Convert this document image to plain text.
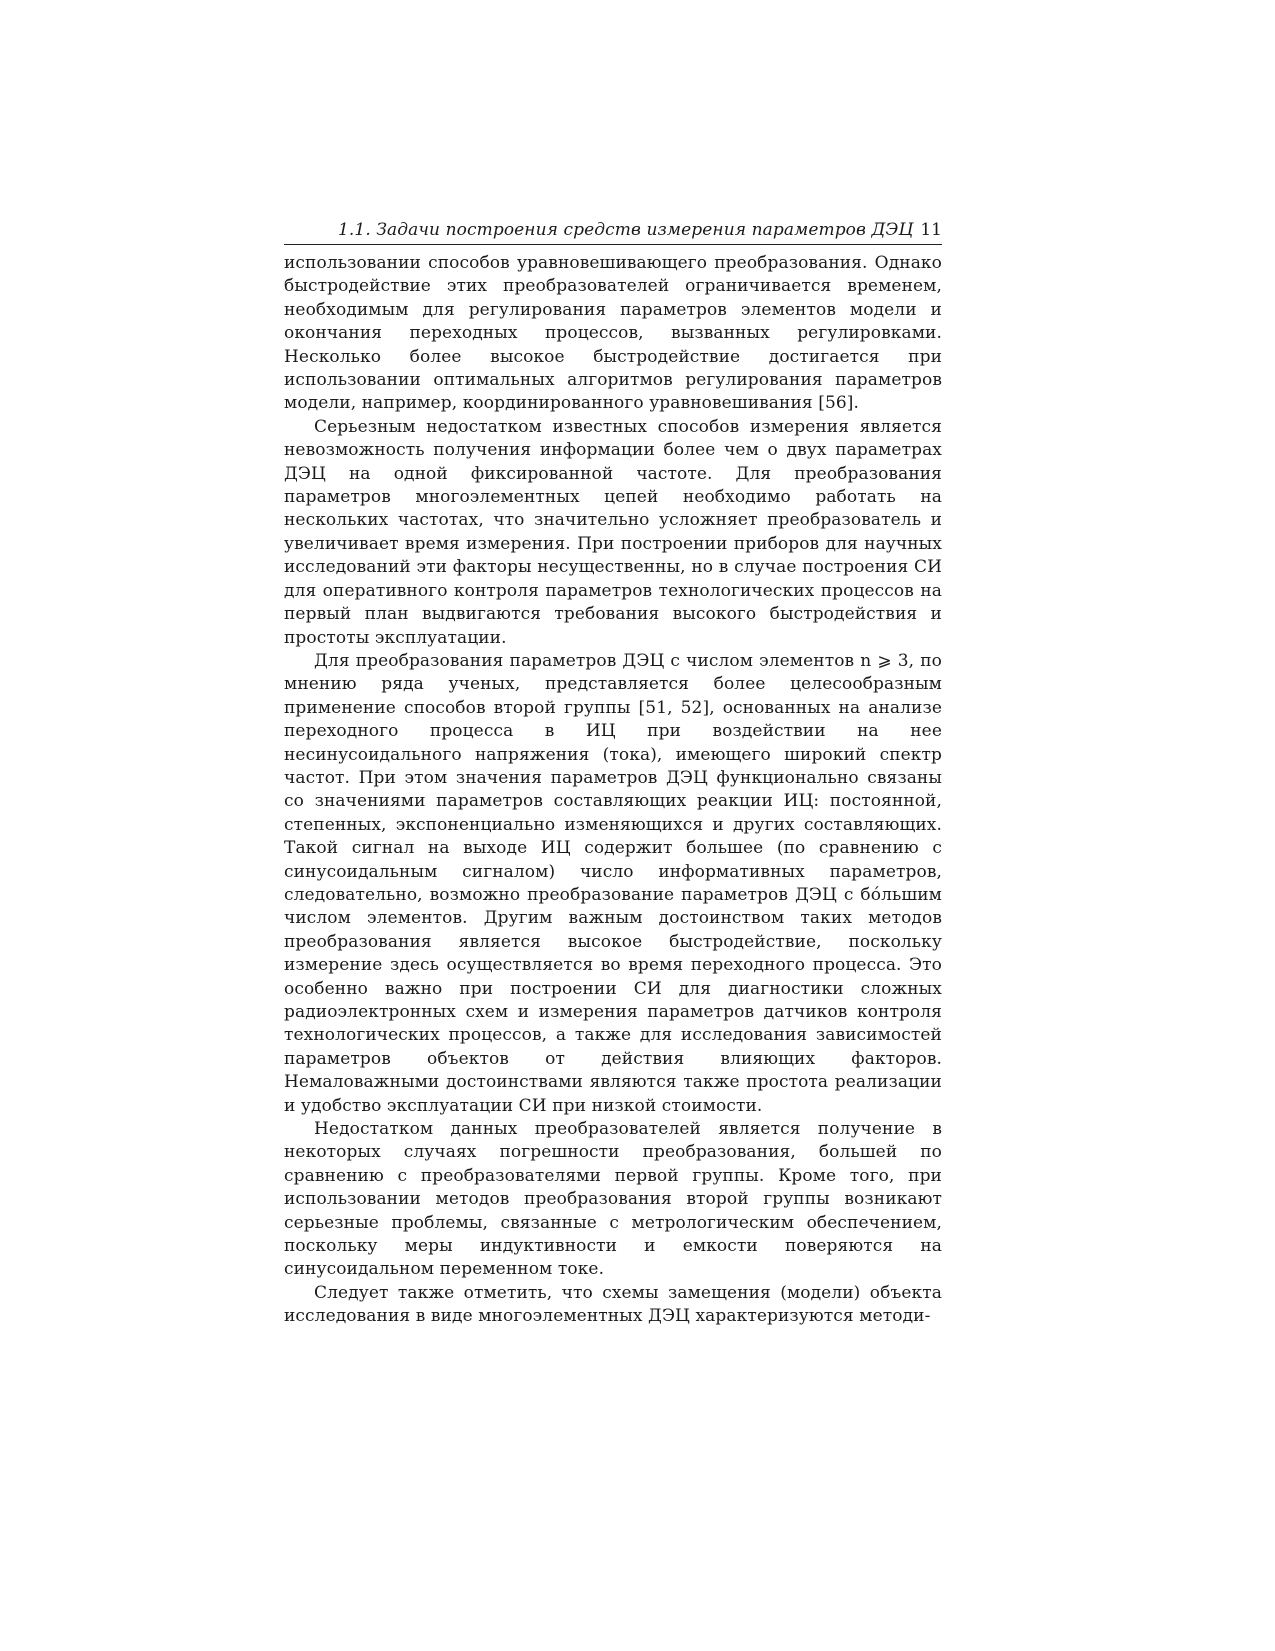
1.1. Задачи построения средств измерения параметров ДЭЦ 11

использовании способов уравновешивающего преобразования. Однако быстродействие этих преобразователей ограничивается временем, необходимым для регулирования параметров элементов модели и окончания переходных процессов, вызванных регулировками. Несколько более высокое быстродействие достигается при использовании оптимальных алгоритмов регулирования параметров модели, например, координированного уравновешивания [56].

Серьезным недостатком известных способов измерения является невозможность получения информации более чем о двух параметрах ДЭЦ на одной фиксированной частоте. Для преобразования параметров многоэлементных цепей необходимо работать на нескольких частотах, что значительно усложняет преобразователь и увеличивает время измерения. При построении приборов для научных исследований эти факторы несущественны, но в случае построения СИ для оперативного контроля параметров технологических процессов на первый план выдвигаются требования высокого быстродействия и простоты эксплуатации.

Для преобразования параметров ДЭЦ с числом элементов n ⩾ 3, по мнению ряда ученых, представляется более целесообразным применение способов второй группы [51, 52], основанных на анализе переходного процесса в ИЦ при воздействии на нее несинусоидального напряжения (тока), имеющего широкий спектр частот. При этом значения параметров ДЭЦ функционально связаны со значениями параметров составляющих реакции ИЦ: постоянной, степенных, экспоненциально изменяющихся и других составляющих. Такой сигнал на выходе ИЦ содержит большее (по сравнению с синусоидальным сигналом) число информативных параметров, следовательно, возможно преобразование параметров ДЭЦ с бóльшим числом элементов. Другим важным достоинством таких методов преобразования является высокое быстродействие, поскольку измерение здесь осуществляется во время переходного процесса. Это особенно важно при построении СИ для диагностики сложных радиоэлектронных схем и измерения параметров датчиков контроля технологических процессов, а также для исследования зависимостей параметров объектов от действия влияющих факторов. Немаловажными достоинствами являются также простота реализации и удобство эксплуатации СИ при низкой стоимости.

Недостатком данных преобразователей является получение в некоторых случаях погрешности преобразования, большей по сравнению с преобразователями первой группы. Кроме того, при использовании методов преобразования второй группы возникают серьезные проблемы, связанные с метрологическим обеспечением, поскольку меры индуктивности и емкости поверяются на синусоидальном переменном токе.

Следует также отметить, что схемы замещения (модели) объекта исследования в виде многоэлементных ДЭЦ характеризуются методи-
